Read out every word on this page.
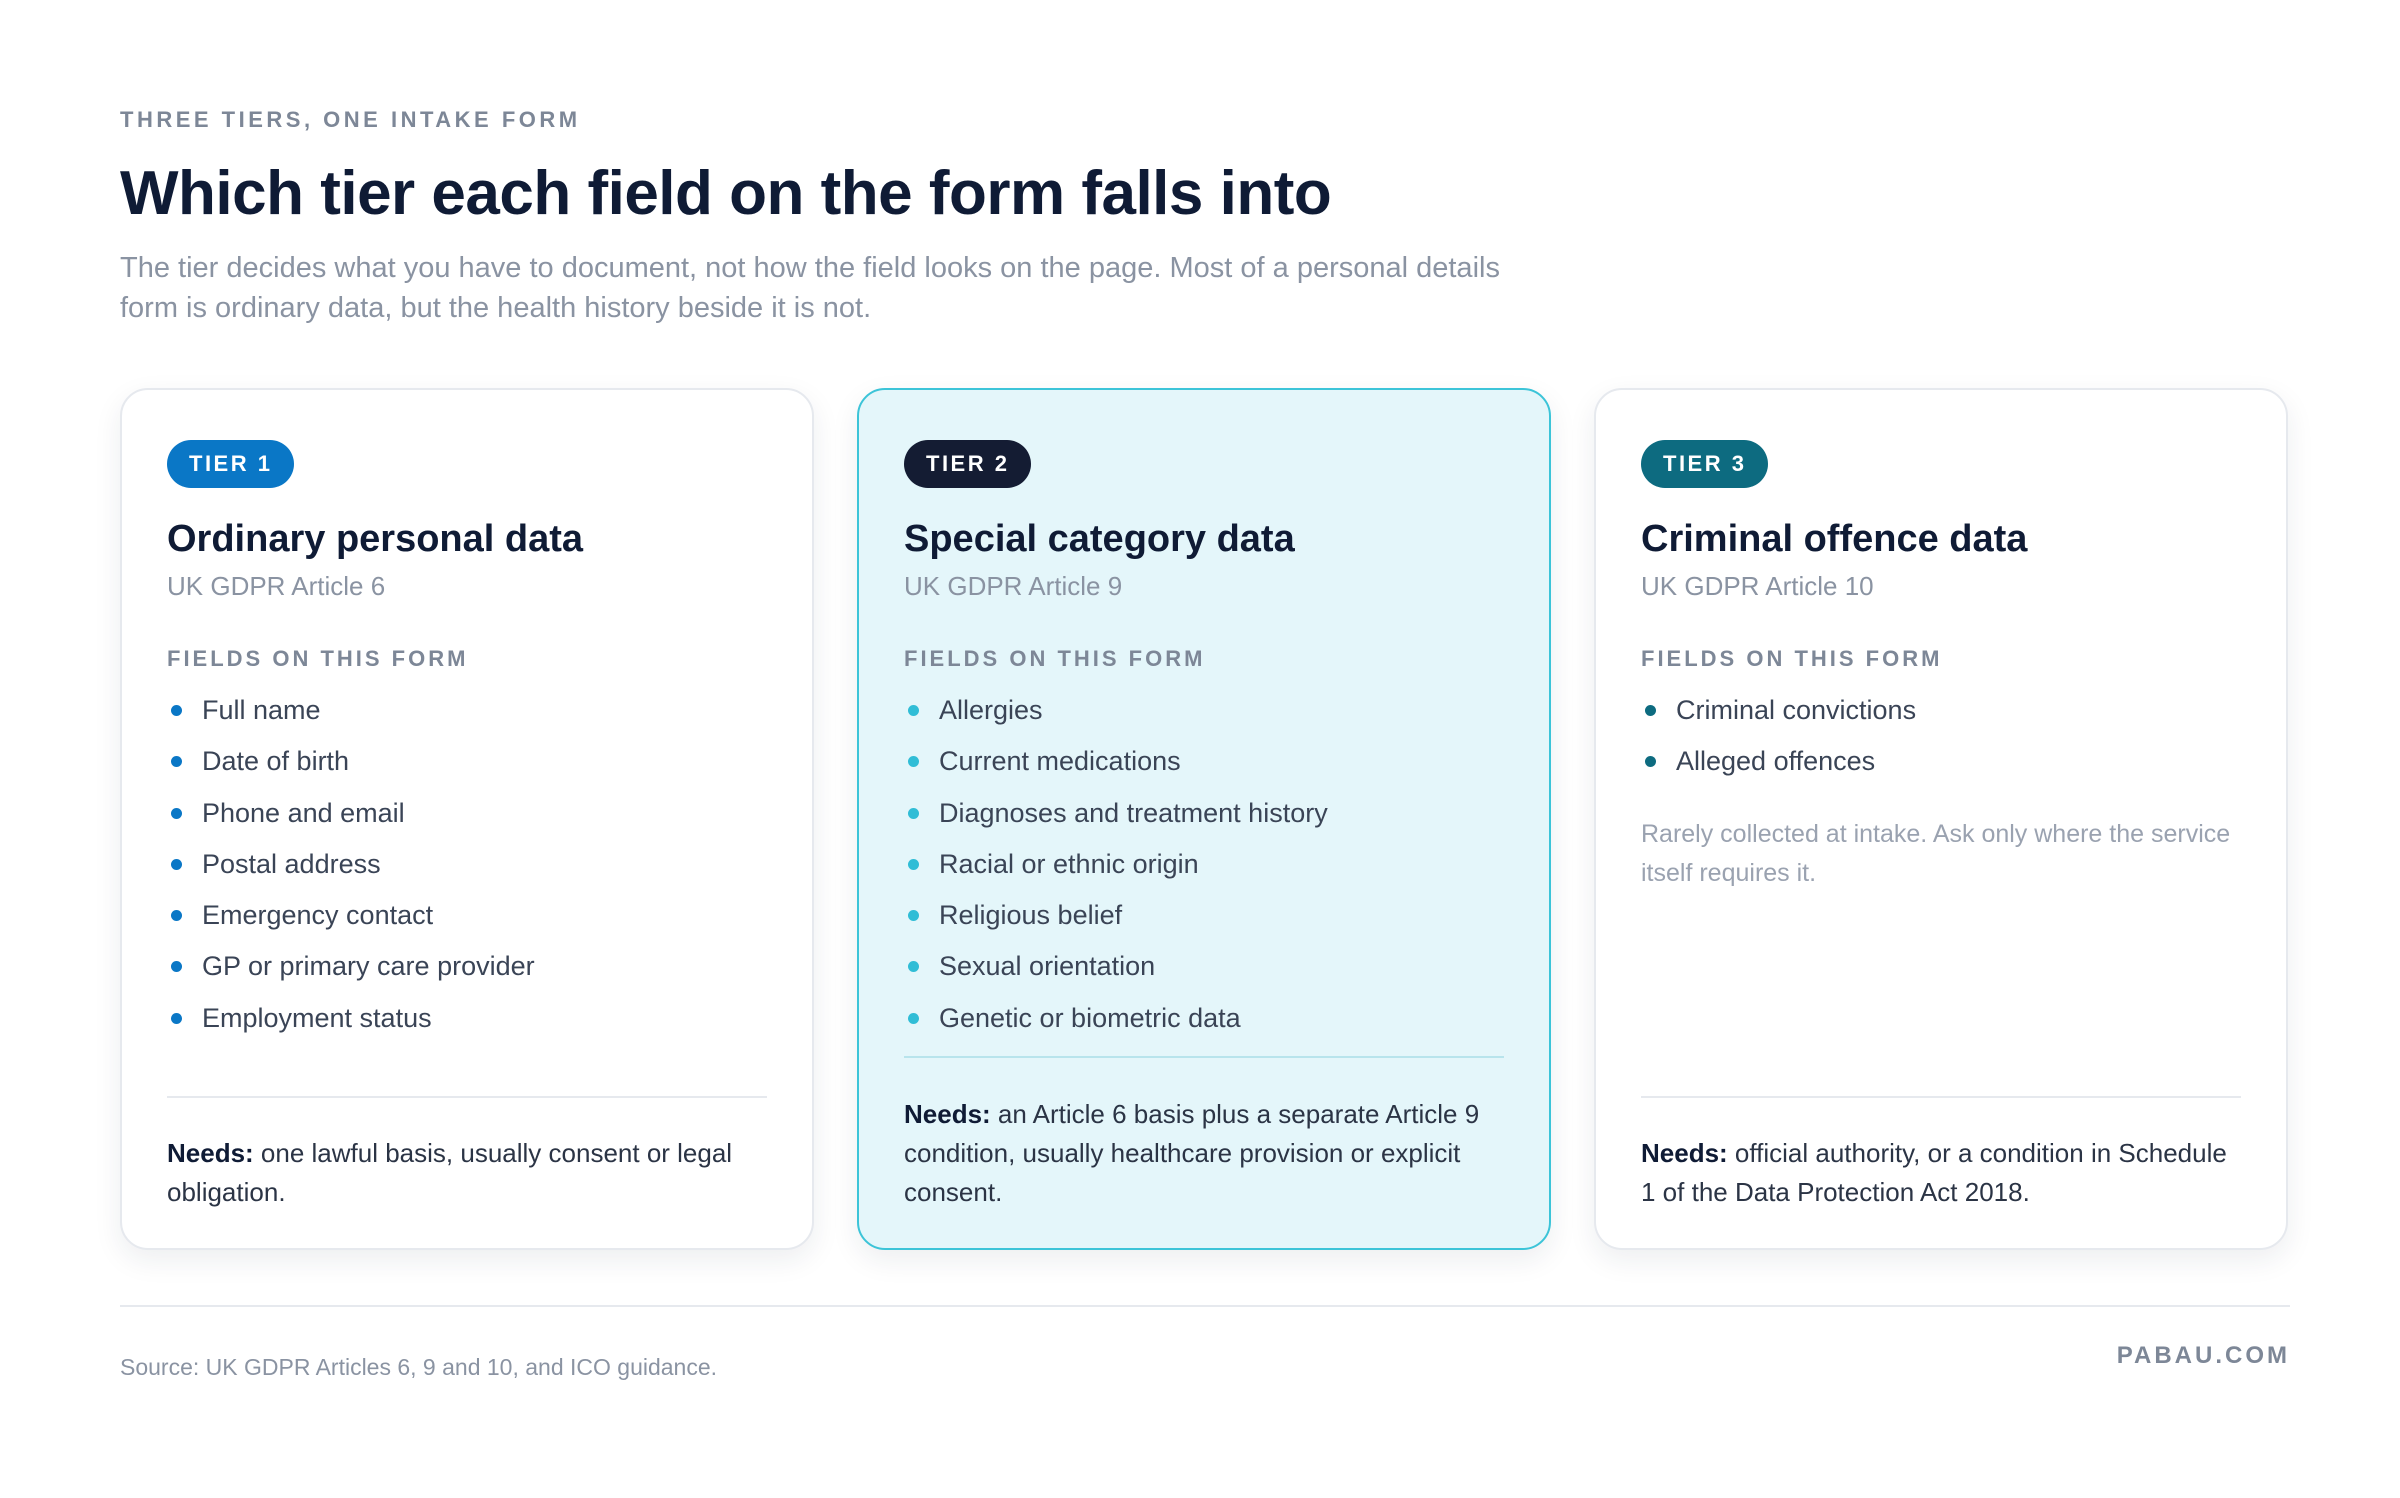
THREE TIERS, ONE INTAKE FORM
Which tier each field on the form falls into

The tier decides what you have to document, not how the field looks on the page. Most of a personal details form is ordinary data, but the health history beside it is not.

TIER 1
Ordinary personal data
UK GDPR Article 6
FIELDS ON THIS FORM
Full name
Date of birth
Phone and email
Postal address
Emergency contact
GP or primary care provider
Employment status
Needs: one lawful basis, usually consent or legal obligation.
TIER 2
Special category data
UK GDPR Article 9
FIELDS ON THIS FORM
Allergies
Current medications
Diagnoses and treatment history
Racial or ethnic origin
Religious belief
Sexual orientation
Genetic or biometric data
Needs: an Article 6 basis plus a separate Article 9 condition, usually healthcare provision or explicit consent.
TIER 3
Criminal offence data
UK GDPR Article 10
FIELDS ON THIS FORM
Criminal convictions
Alleged offences
Rarely collected at intake. Ask only where the service itself requires it.
Needs: official authority, or a condition in Schedule 1 of the Data Protection Act 2018.
Source: UK GDPR Articles 6, 9 and 10, and ICO guidance.	PABAU.COM
